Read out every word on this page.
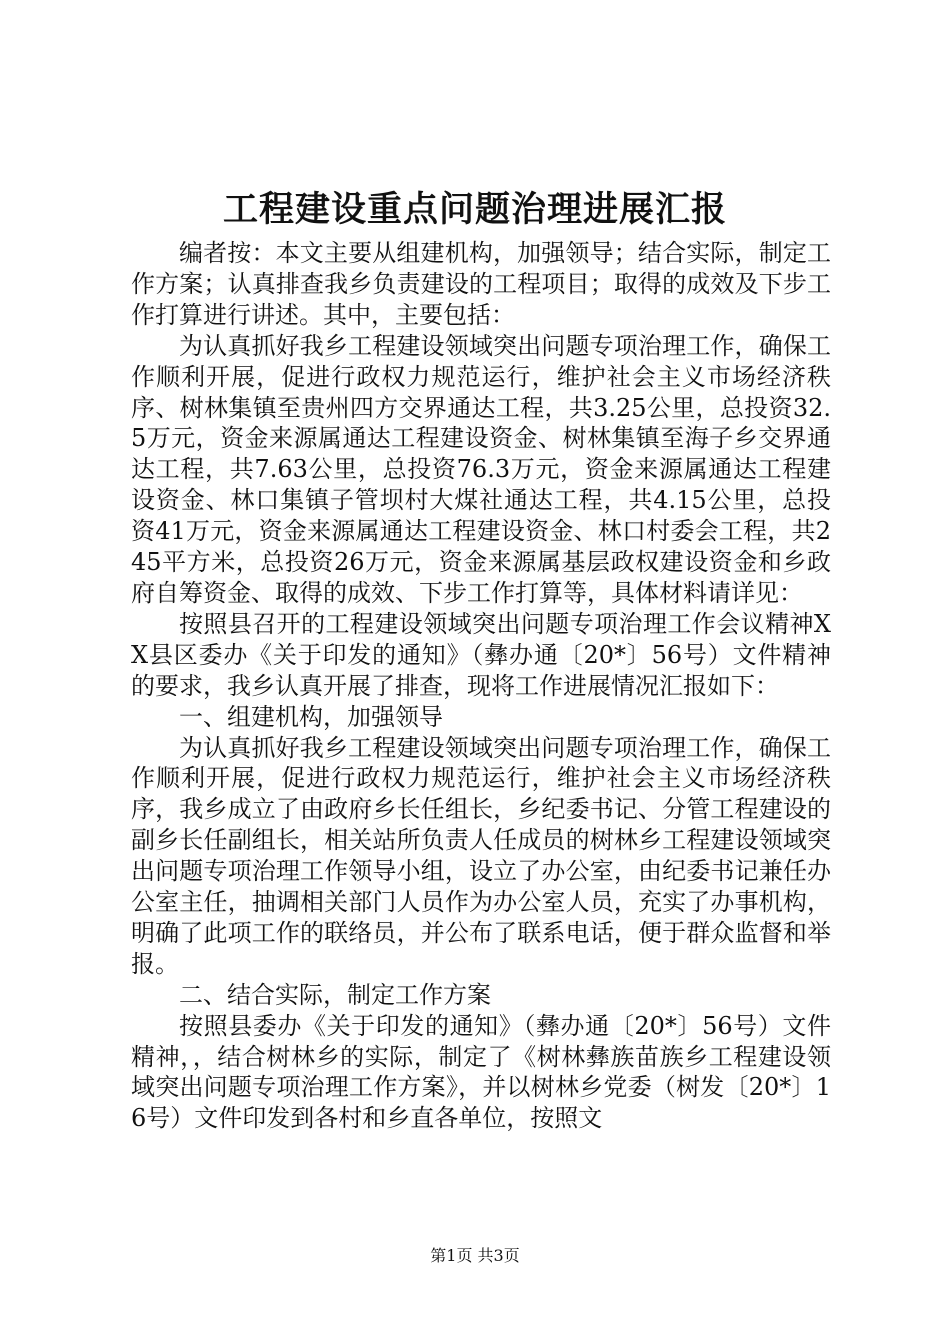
工程建设重点问题治理进展汇报

编者按：本文主要从组建机构，加强领导；结合实际，制定工作方案；认真排查我乡负责建设的工程项目；取得的成效及下步工作打算进行讲述。其中，主要包括：

为认真抓好我乡工程建设领域突出问题专项治理工作，确保工作顺利开展，促进行政权力规范运行，维护社会主义市场经济秩序、树林集镇至贵州四方交界通达工程，共3.25公里，总投资32.5万元，资金来源属通达工程建设资金、树林集镇至海子乡交界通达工程，共7.63公里，总投资76.3万元，资金来源属通达工程建设资金、林口集镇子管坝村大煤社通达工程，共4.15公里，总投资41万元，资金来源属通达工程建设资金、林口村委会工程，共245平方米，总投资26万元，资金来源属基层政权建设资金和乡政府自筹资金、取得的成效、下步工作打算等，具体材料请详见：

按照县召开的工程建设领域突出问题专项治理工作会议精神XX县区委办《关于印发的通知》（彝办通〔20*〕56号）文件精神的要求，我乡认真开展了排查，现将工作进展情况汇报如下：

一、组建机构，加强领导

为认真抓好我乡工程建设领域突出问题专项治理工作，确保工作顺利开展，促进行政权力规范运行，维护社会主义市场经济秩序，我乡成立了由政府乡长任组长，乡纪委书记、分管工程建设的副乡长任副组长，相关站所负责人任成员的树林乡工程建设领域突出问题专项治理工作领导小组，设立了办公室，由纪委书记兼任办公室主任，抽调相关部门人员作为办公室人员，充实了办事机构，明确了此项工作的联络员，并公布了联系电话，便于群众监督和举报。

二、结合实际，制定工作方案

按照县委办《关于印发的通知》（彝办通〔20*〕56号）文件精神，，结合树林乡的实际，制定了《树林彝族苗族乡工程建设领域突出问题专项治理工作方案》，并以树林乡党委（树发〔20*〕16号）文件印发到各村和乡直各单位，按照文

第1页 共3页
